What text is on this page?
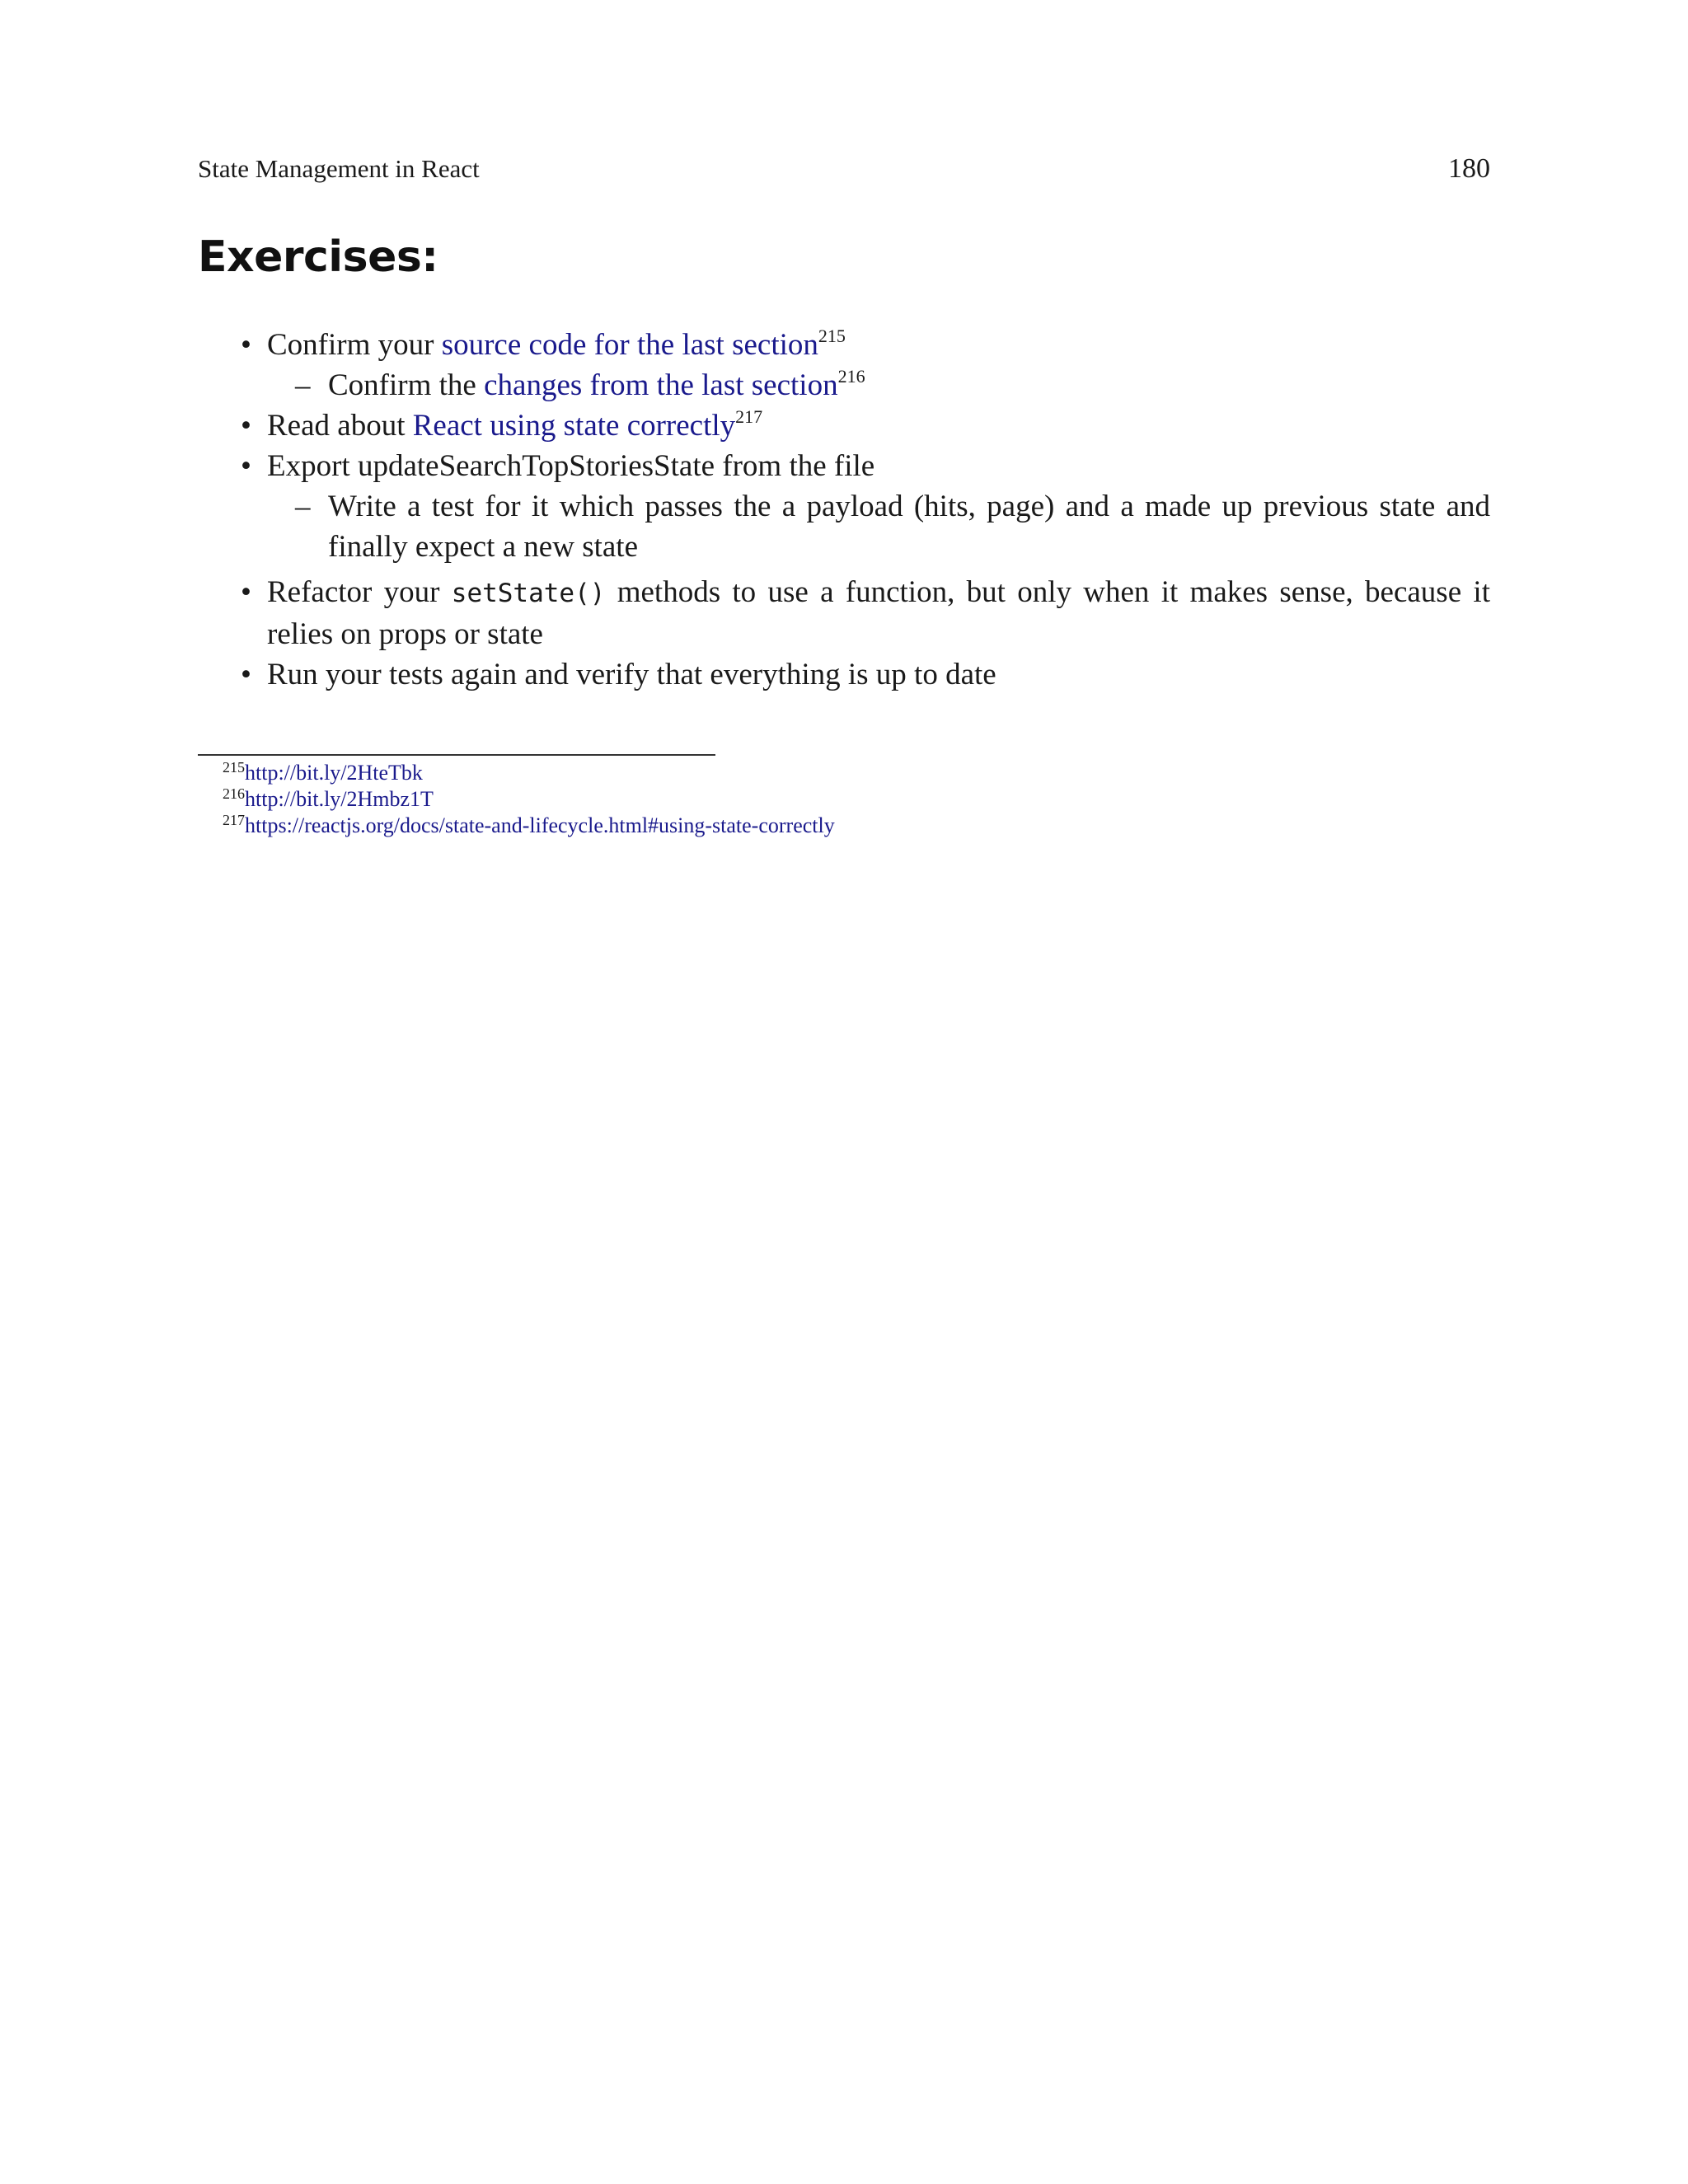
State Management in React	180
Exercises:
• Confirm your source code for the last section$^{215}$
– Confirm the changes from the last section$^{216}$
• Read about React using state correctly$^{217}$
• Export updateSearchTopStoriesState from the file
– Write a test for it which passes the a payload (hits, page) and a made up previous state and finally expect a new state
• Refactor your setState() methods to use a function, but only when it makes sense, because it relies on props or state
• Run your tests again and verify that everything is up to date
$^{215}$http://bit.ly/2HteTbk
$^{216}$http://bit.ly/2Hmbz1T
$^{217}$https://reactjs.org/docs/state-and-lifecycle.html#using-state-correctly
